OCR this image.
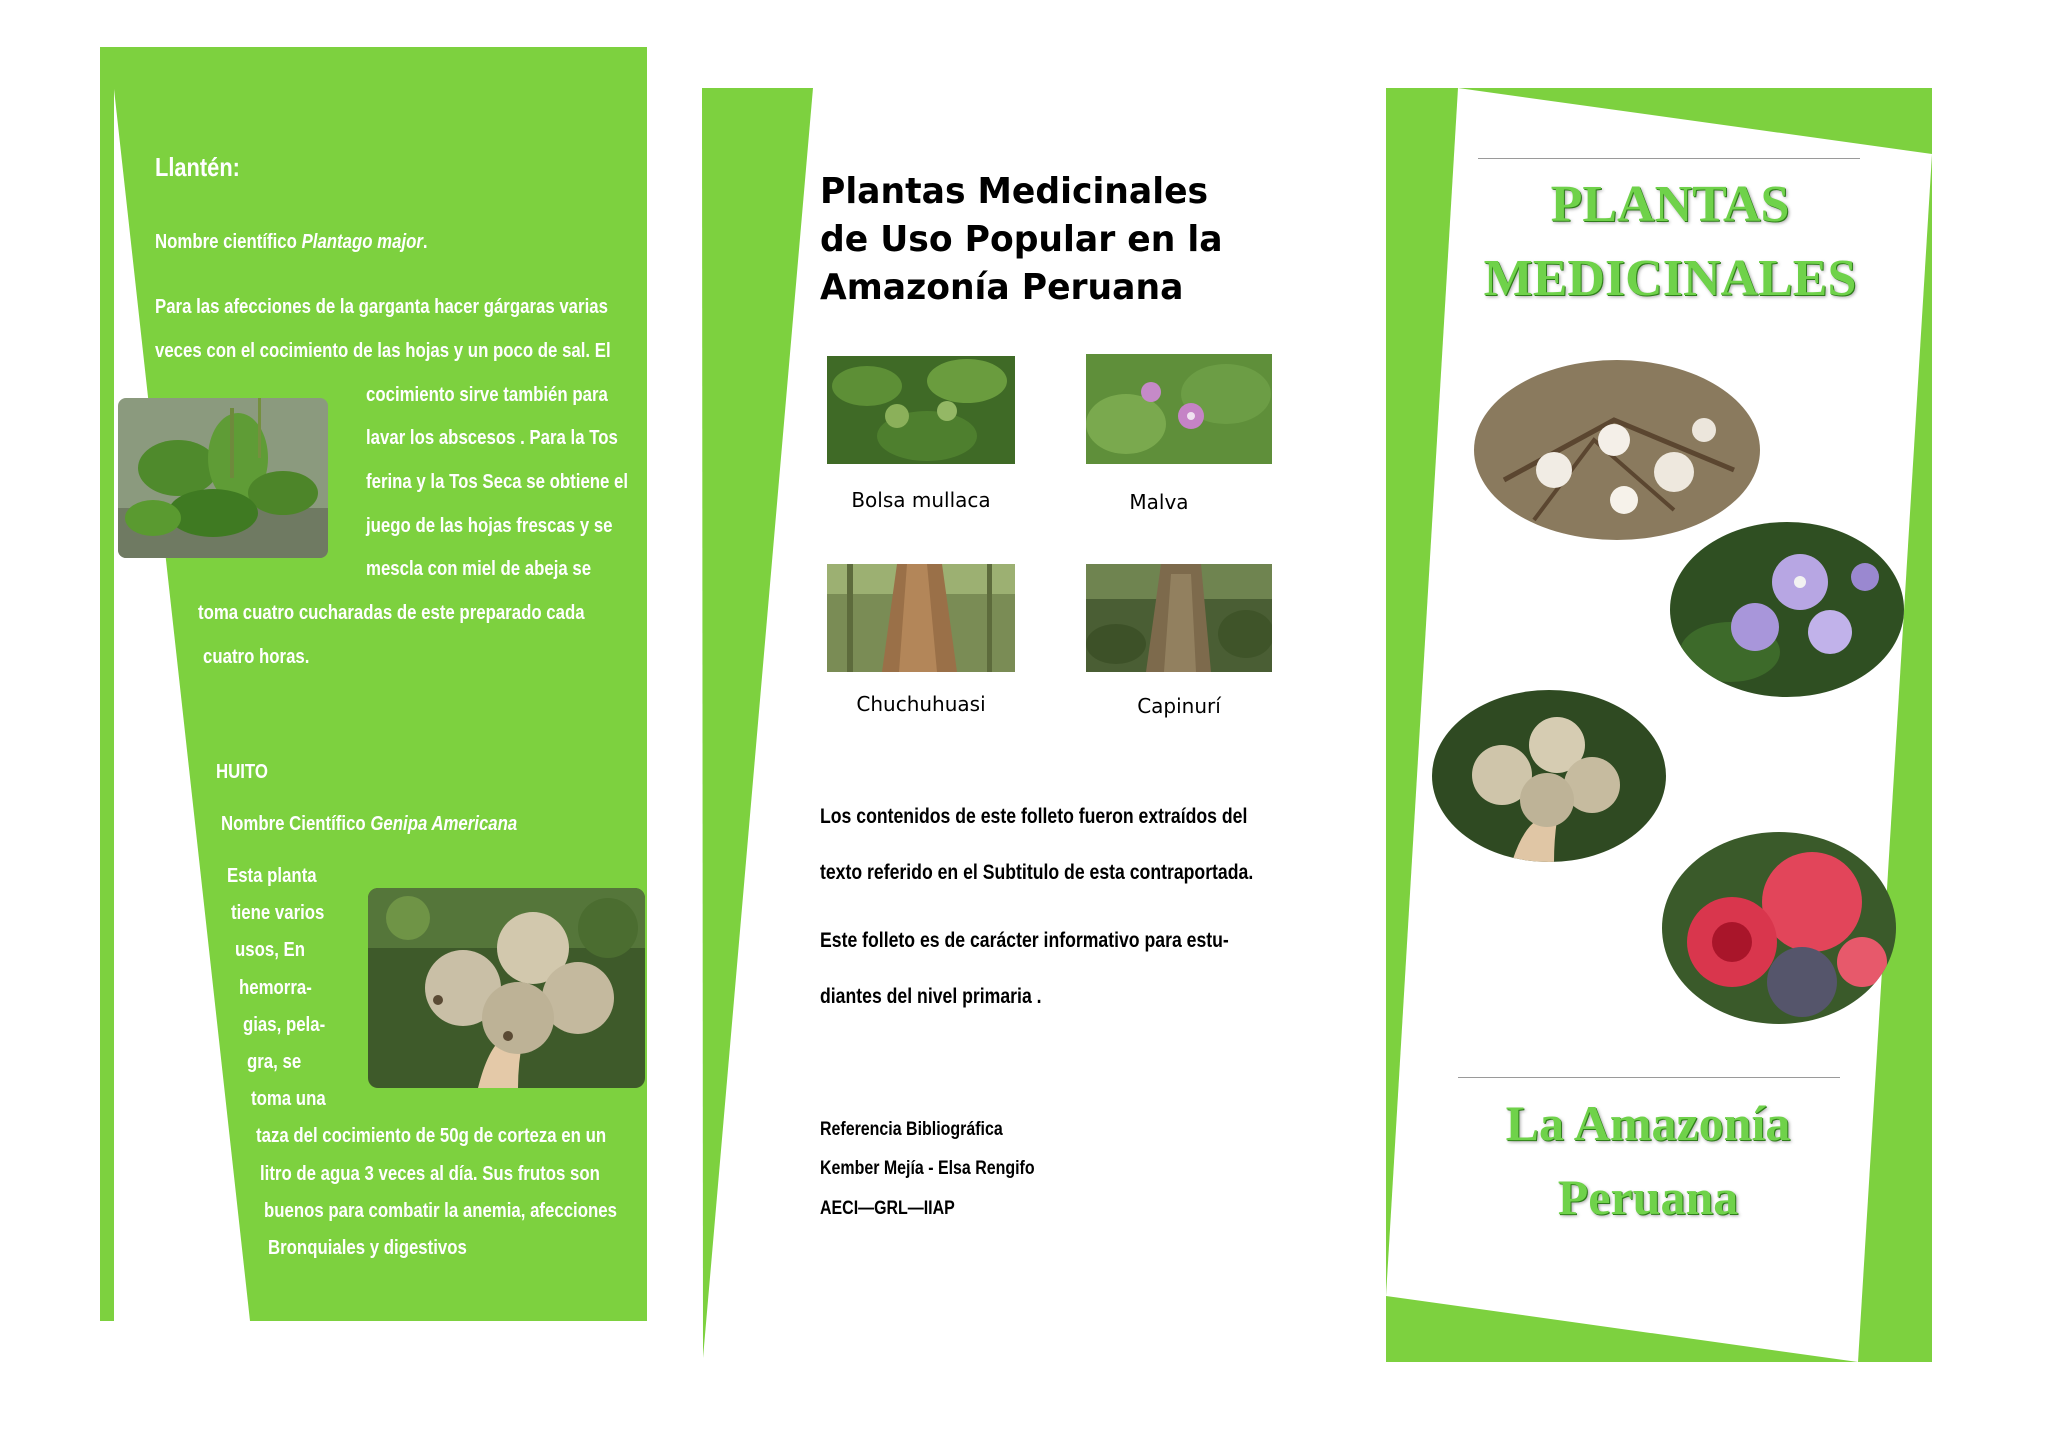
Llantén:
Nombre científico Plantago major.
Para las afecciones de la garganta hacer gárgaras varias
veces con el cocimiento de las hojas y un poco de sal. El
cocimiento sirve también para
lavar los abscesos . Para la Tos
ferina y la Tos Seca se obtiene el
juego de las hojas frescas y se
mescla con miel de abeja se
toma cuatro cucharadas de este preparado cada
cuatro horas.
HUITO
Nombre Científico Genipa Americana
Esta planta
tiene varios
usos, En
hemorra-
gias, pela-
gra, se
toma una
taza del cocimiento de 50g de corteza en un
litro de agua 3 veces al día. Sus frutos son
buenos para combatir la anemia, afecciones
Bronquiales y digestivos
Plantas Medicinales
de Uso Popular en la
Amazonía Peruana
Bolsa mullaca	Malva
Chuchuhuasi	Capinurí
Los contenidos de este folleto fueron extraídos del
texto referido en el Subtitulo de esta contraportada.
Este folleto es de carácter informativo para estu-
diantes del nivel primaria .
Referencia Bibliográfica
Kember Mejía - Elsa Rengifo
AECI—GRL—IIAP
PLANTAS
MEDICINALES
La Amazonía
Peruana
